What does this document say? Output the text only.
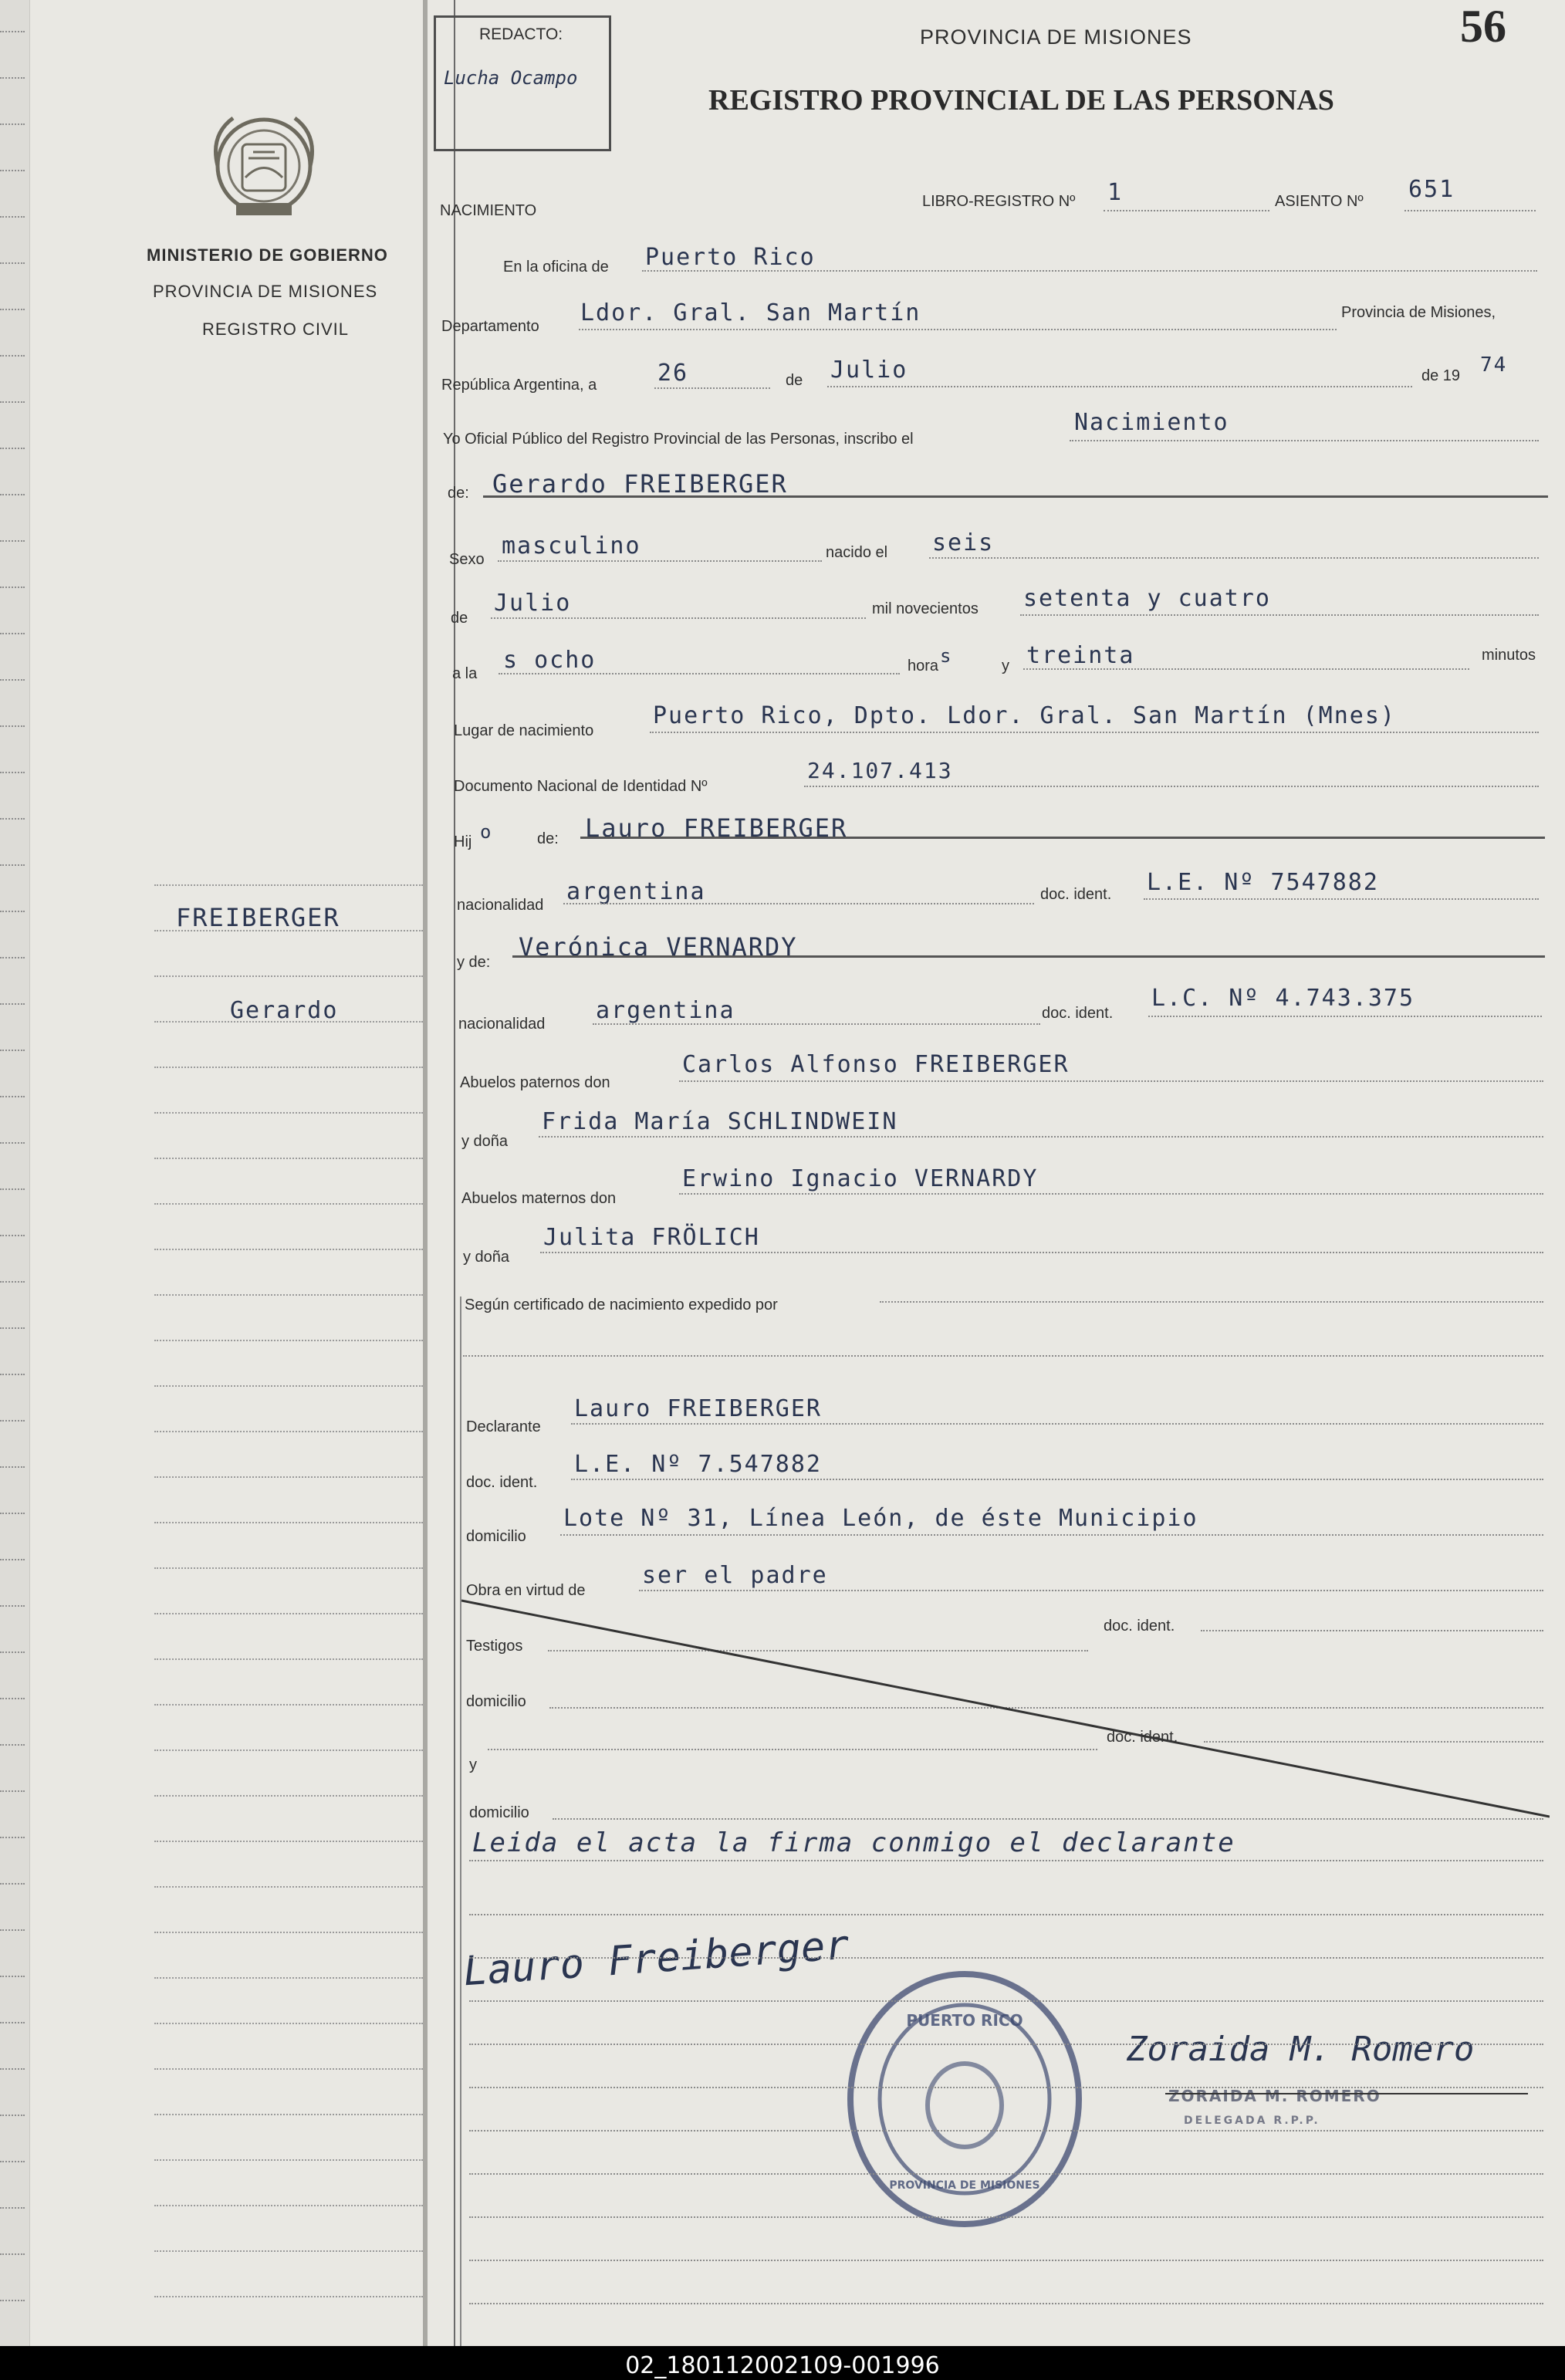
MINISTERIO DE GOBIERNO
PROVINCIA DE MISIONES
REGISTRO CIVIL
FREIBERGER
Gerardo
REDACTO:
Lucha Ocampo
PROVINCIA DE MISIONES
REGISTRO PROVINCIAL DE LAS PERSONAS
56
NACIMIENTO
LIBRO-REGISTRO Nº 1	ASIENTO Nº 651
En la oficina de Puerto Rico
Departamento Ldor. Gral. San Martín	Provincia de Misiones,
República Argentina, a	26	de Julio	de 19 74
Yo Oficial Público del Registro Provincial de las Personas, inscribo el
Nacimiento
de: Gerardo FREIBERGER
Sexo masculino	nacido el seis
de
Julio	mil novecientos setenta y cuatro
a la s ocho	hora s	y treinta	minutos
Lugar de nacimiento
Puerto Rico, Dpto. Ldor. Gral. San Martín (Mnes)
Documento Nacional de Identidad Nº
24.107.413
Hij o	de: Lauro FREIBERGER
nacionalidad argentina	doc. ident. L.E. Nº 7547882
y de:
Verónica VERNARDY
nacionalidad argentina	doc. ident.
L.C. Nº 4.743.375
Abuelos paternos don
Carlos Alfonso FREIBERGER
y doña
Frida María SCHLINDWEIN
Abuelos maternos don
Erwino Ignacio VERNARDY
y doña
Julita FRÖLICH
Según certificado de nacimiento expedido por
Declarante
Lauro FREIBERGER
doc. ident.
L.E. Nº 7.547882
domicilio
Lote Nº 31, Línea León, de éste Municipio
Obra en virtud de
ser el padre
Testigos
doc. ident.
domicilio
y
doc. ident.
domicilio
Leida el acta la firma conmigo el declarante
Lauro Freiberger
PUERTO RICO
PROVINCIA DE MISIONES
Zoraida M. Romero
ZORAIDA M. ROMERO
DELEGADA R.P.P.
02_180112002109-001996
